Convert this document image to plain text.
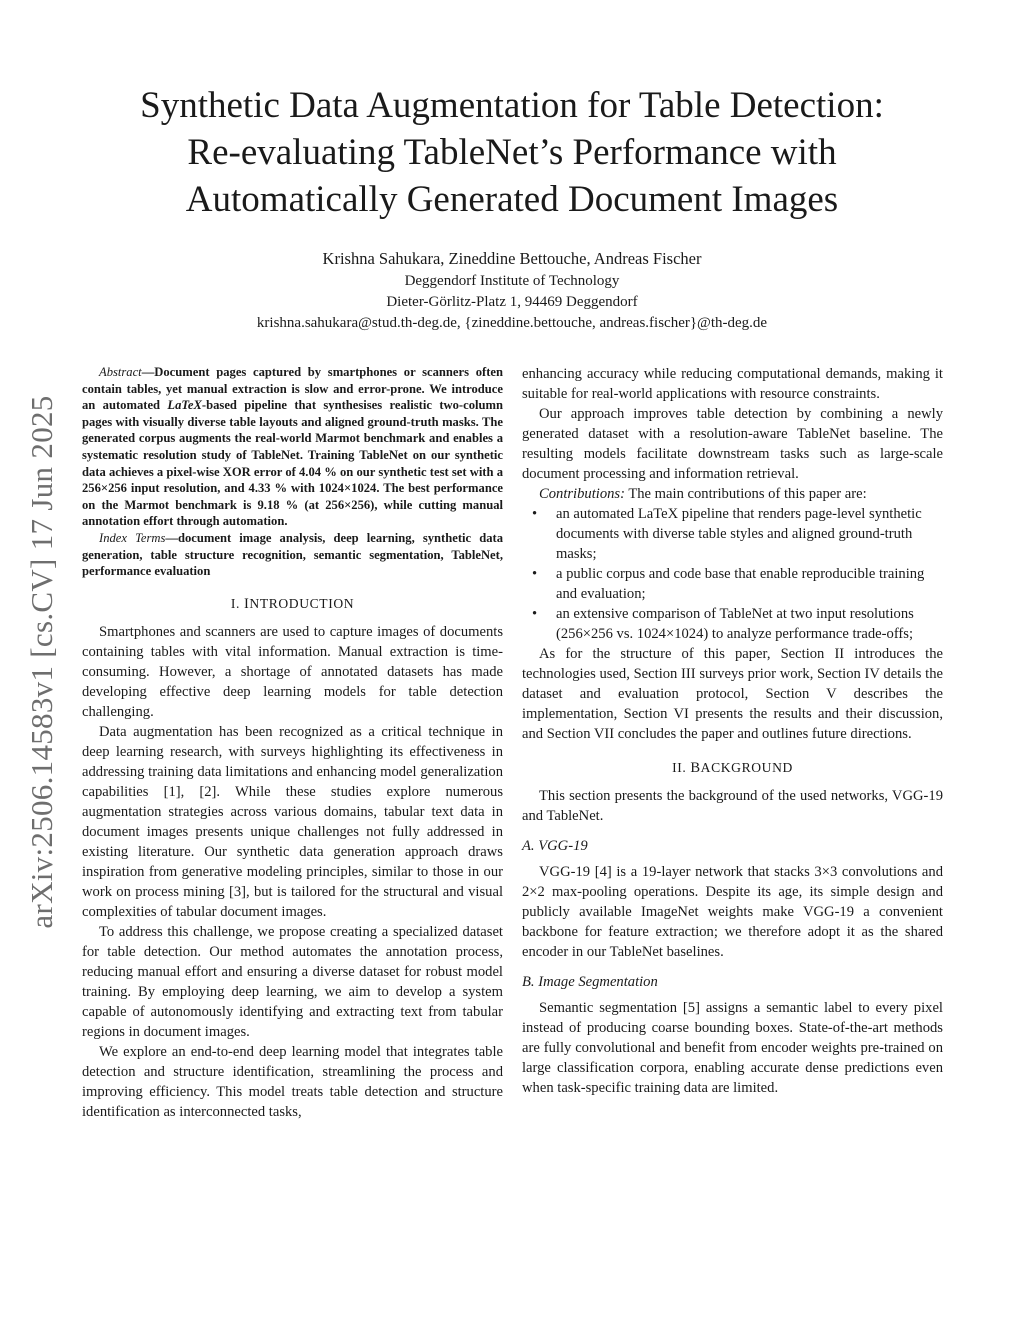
arXiv:2506.14583v1 [cs.CV] 17 Jun 2025
Synthetic Data Augmentation for Table Detection:
Re-evaluating TableNet’s Performance with
Automatically Generated Document Images
Krishna Sahukara, Zineddine Bettouche, Andreas Fischer
Deggendorf Institute of Technology
Dieter-Görlitz-Platz 1, 94469 Deggendorf
krishna.sahukara@stud.th-deg.de, {zineddine.bettouche, andreas.fischer}@th-deg.de

Abstract—Document pages captured by smartphones or scanners often contain tables, yet manual extraction is slow and error-prone. We introduce an automated LaTeX-based pipeline that synthesises realistic two-column pages with visually diverse table layouts and aligned ground-truth masks. The generated corpus augments the real-world Marmot benchmark and enables a systematic resolution study of TableNet. Training TableNet on our synthetic data achieves a pixel-wise XOR error of 4.04 % on our synthetic test set with a 256×256 input resolution, and 4.33 % with 1024×1024. The best performance on the Marmot benchmark is 9.18 % (at 256×256), while cutting manual annotation effort through automation.

Index Terms—document image analysis, deep learning, synthetic data generation, table structure recognition, semantic segmentation, TableNet, performance evaluation

I. INTRODUCTION

Smartphones and scanners are used to capture images of documents containing tables with vital information. Manual extraction is time-consuming. However, a shortage of annotated datasets has made developing effective deep learning models for table detection challenging.

Data augmentation has been recognized as a critical technique in deep learning research, with surveys highlighting its effectiveness in addressing training data limitations and enhancing model generalization capabilities [1], [2]. While these studies explore numerous augmentation strategies across various domains, tabular text data in document images presents unique challenges not fully addressed in existing literature. Our synthetic data generation approach draws inspiration from generative modeling principles, similar to those in our work on process mining [3], but is tailored for the structural and visual complexities of tabular document images.

To address this challenge, we propose creating a specialized dataset for table detection. Our method automates the annotation process, reducing manual effort and ensuring a diverse dataset for robust model training. By employing deep learning, we aim to develop a system capable of autonomously identifying and extracting text from tabular regions in document images.

We explore an end-to-end deep learning model that integrates table detection and structure identification, streamlining the process and improving efficiency. This model treats table detection and structure identification as interconnected tasks,

enhancing accuracy while reducing computational demands, making it suitable for real-world applications with resource constraints.

Our approach improves table detection by combining a newly generated dataset with a resolution-aware TableNet baseline. The resulting models facilitate downstream tasks such as large-scale document processing and information retrieval.

Contributions: The main contributions of this paper are:

• an automated LaTeX pipeline that renders page-level synthetic documents with diverse table styles and aligned ground-truth masks;
• a public corpus and code base that enable reproducible training and evaluation;
• an extensive comparison of TableNet at two input resolutions (256×256 vs. 1024×1024) to analyze performance trade-offs;

As for the structure of this paper, Section II introduces the technologies used, Section III surveys prior work, Section IV details the dataset and evaluation protocol, Section V describes the implementation, Section VI presents the results and their discussion, and Section VII concludes the paper and outlines future directions.

II. BACKGROUND

This section presents the background of the used networks, VGG-19 and TableNet.

A. VGG-19

VGG-19 [4] is a 19-layer network that stacks 3×3 convolutions and 2×2 max-pooling operations. Despite its age, its simple design and publicly available ImageNet weights make VGG-19 a convenient backbone for feature extraction; we therefore adopt it as the shared encoder in our TableNet baselines.

B. Image Segmentation

Semantic segmentation [5] assigns a semantic label to every pixel instead of producing coarse bounding boxes. State-of-the-art methods are fully convolutional and benefit from encoder weights pre-trained on large classification corpora, enabling accurate dense predictions even when task-specific training data are limited.
